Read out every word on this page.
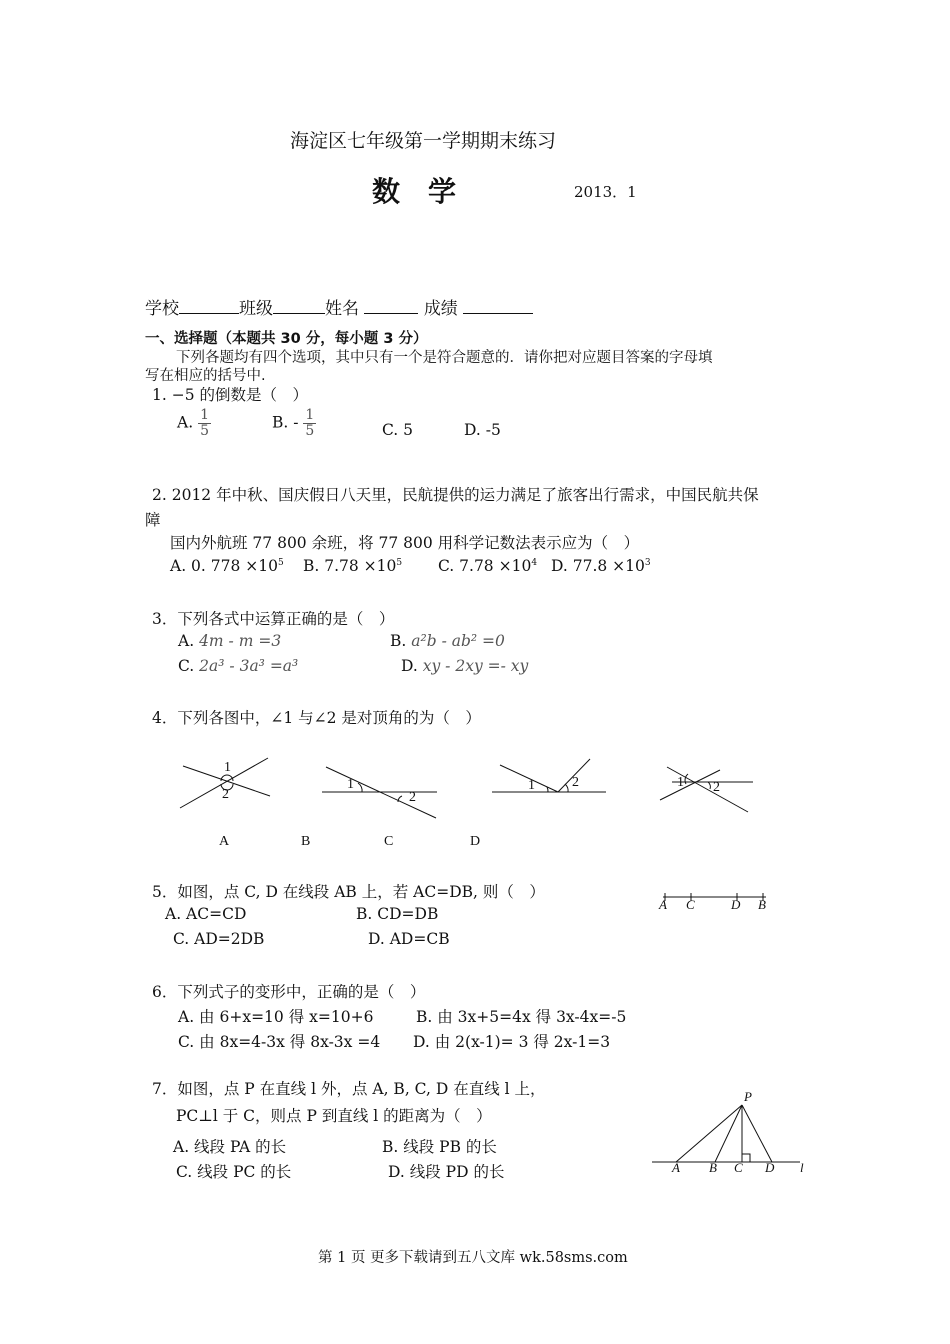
海淀区七年级第一学期期末练习
数　学	2013．1
学校	班级	姓名	成绩
一、选择题（本题共 30 分，每小题 3 分）
下列各题均有四个选项，其中只有一个是符合题意的．请你把对应题目答案的字母填
写在相应的括号中.
1. −5 的倒数是（　）
A. $\frac{1}{5}$	B. - $\frac{1}{5}$	C. 5	D. -5
2. 2012 年中秋、国庆假日八天里，民航提供的运力满足了旅客出行需求，中国民航共保
障
国内外航班 77 800 余班，将 77 800 用科学记数法表示应为（　）
A. 0. $778 \times 10^5$ B. $7.78 \times 10^5$ C. $7.78 \times 10^4$ D. $77.8 \times 10^3$
3．下列各式中运算正确的是（　）
A. 4m - m =3	B. a²b - ab² =0
C. 2a³ - 3a³ =a³	D. xy - 2xy =- xy
4．下列各图中，∠1 与∠2 是对顶角的为（　）
1
2
A
1
2
B
1	2
C
1 2
D
A C	D B
P
A B C D l
5．如图，点 C, D 在线段 AB 上，若 AC=DB, 则（　）
A. AC=CD	B. CD=DB
C. AD=2DB	D. AD=CB
6．下列式子的变形中，正确的是（　）
A. 由 6+x=10 得 x=10+6	B. 由 3x+5=4x 得 3x-4x=-5
C. 由 8x=4-3x 得 8x-3x =4 D. 由 2(x-1)= 3 得 2x-1=3
7．如图，点 P 在直线 l 外，点 A, B, C, D 在直线 l 上，
PC⊥l 于 C，则点 P 到直线 l 的距离为（　）
A. 线段 PA 的长	B. 线段 PB 的长
C. 线段 PC 的长	D. 线段 PD 的长
第 1 页 更多下载请到五八文库 wk.58sms.com
